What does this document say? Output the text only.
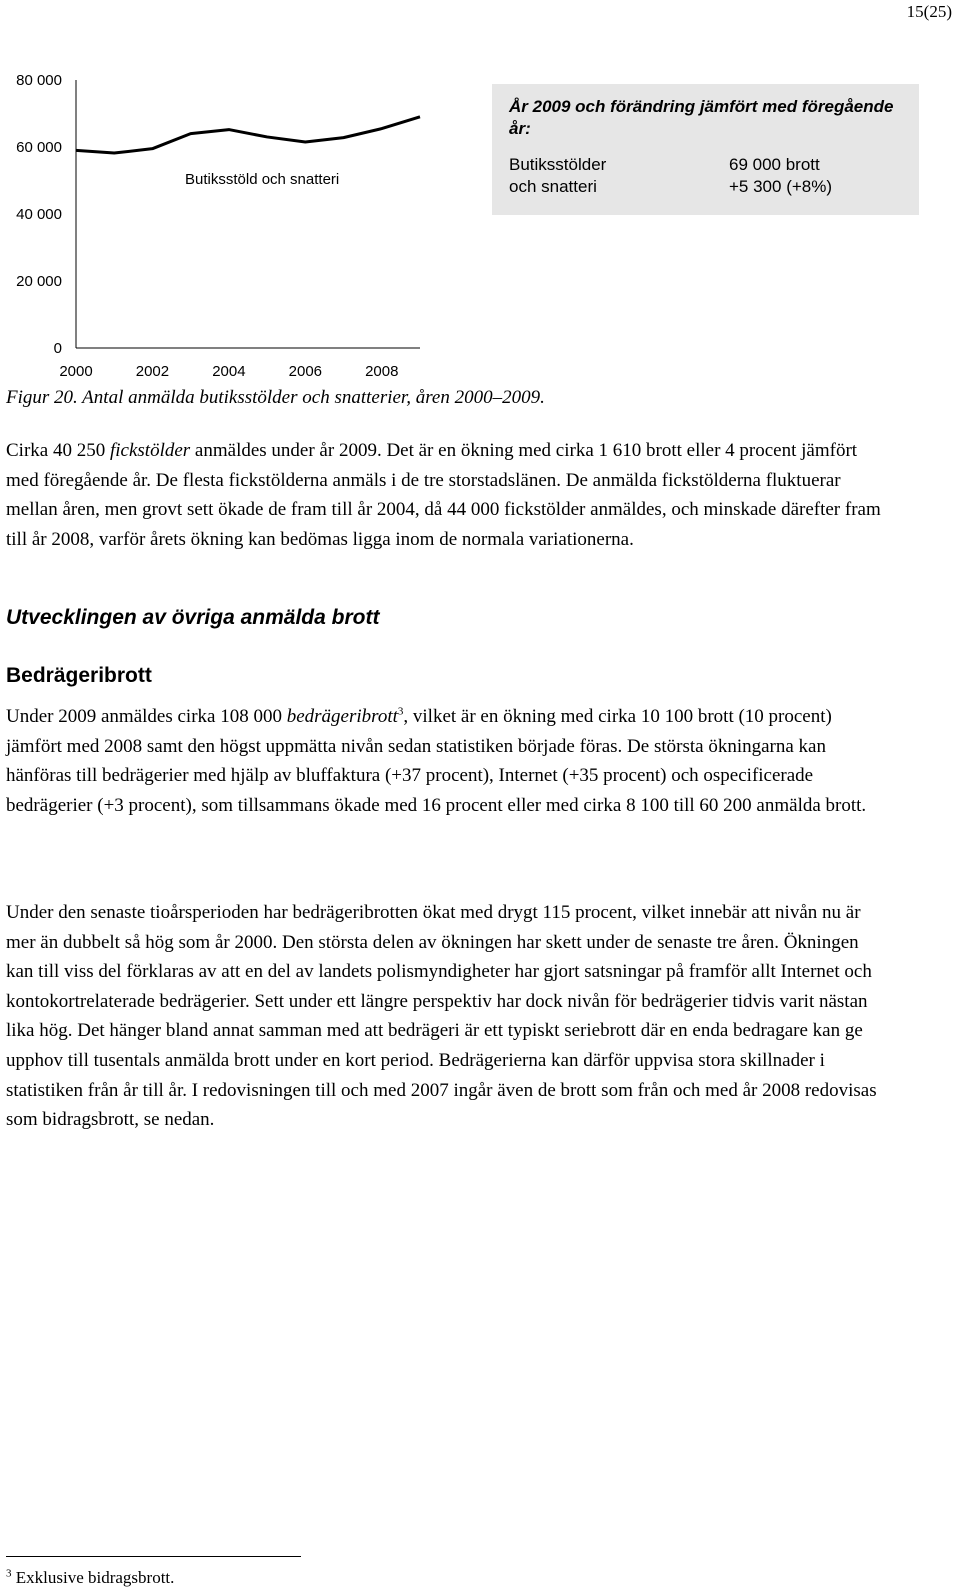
15(25)
80 000
60 000
40 000
20 000
0
2000	2002	2004	2006	2008
Butiksstöld och snatteri
År 2009 och förändring jämfört med föregående år:
Butiksstölder
och snatteri
69 000 brott
+5 300 (+8%)
Figur 20. Antal anmälda butiksstölder och snatterier, åren 2000–2009.

Cirka 40 250 fickstölder anmäldes under år 2009. Det är en ökning med cirka 1 610 brott eller 4 procent jämfört med föregående år. De flesta fickstölderna anmäls i de tre storstadslänen. De anmälda fickstölderna fluktuerar mellan åren, men grovt sett ökade de fram till år 2004, då 44 000 fickstölder anmäldes, och minskade därefter fram till år 2008, varför årets ökning kan bedömas ligga inom de normala variationerna.

Utvecklingen av övriga anmälda brott
Bedrägeribrott

Under 2009 anmäldes cirka 108 000 bedrägeribrott$^3$, vilket är en ökning med cirka 10 100 brott (10 procent) jämfört med 2008 samt den högst uppmätta nivån sedan statistiken började föras. De största ökningarna kan hänföras till bedrägerier med hjälp av bluffaktura (+37 procent), Internet (+35 procent) och ospecificerade bedrägerier (+3 procent), som tillsammans ökade med 16 procent eller med cirka 8 100 till 60 200 anmälda brott.

Under den senaste tioårsperioden har bedrägeribrotten ökat med drygt 115 procent, vilket innebär att nivån nu är mer än dubbelt så hög som år 2000. Den största delen av ökningen har skett under de senaste tre åren. Ökningen kan till viss del förklaras av att en del av landets polismyndigheter har gjort satsningar på framför allt Internet och kontokortrelaterade bedrägerier. Sett under ett längre perspektiv har dock nivån för bedrägerier tidvis varit nästan lika hög. Det hänger bland annat samman med att bedrägeri är ett typiskt seriebrott där en enda bedragare kan ge upphov till tusentals anmälda brott under en kort period. Bedrägerierna kan därför uppvisa stora skillnader i statistiken från år till år. I redovisningen till och med 2007 ingår även de brott som från och med år 2008 redovisas som bidragsbrott, se nedan.

$^3$ Exklusive bidragsbrott.
